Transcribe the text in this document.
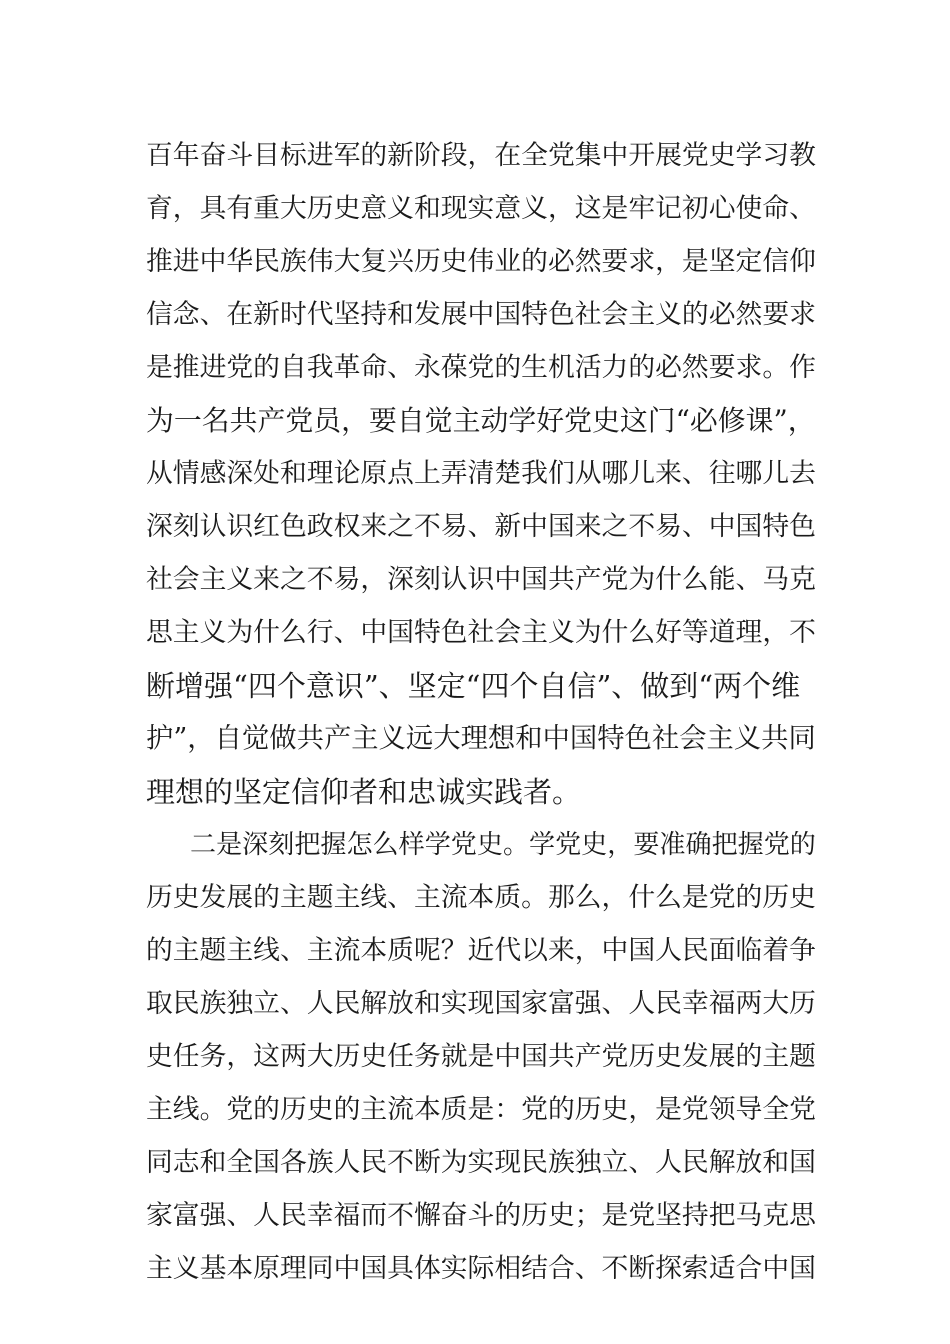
百年奋斗目标进军的新阶段，在全党集中开展党史学习教
育，具有重大历史意义和现实意义，这是牢记初心使命、
推进中华民族伟大复兴历史伟业的必然要求，是坚定信仰
信念、在新时代坚持和发展中国特色社会主义的必然要求
是推进党的自我革命、永葆党的生机活力的必然要求。作
为一名共产党员，要自觉主动学好党史这门“必修课”，
从情感深处和理论原点上弄清楚我们从哪儿来、往哪儿去
深刻认识红色政权来之不易、新中国来之不易、中国特色
社会主义来之不易，深刻认识中国共产党为什么能、马克
思主义为什么行、中国特色社会主义为什么好等道理，不
断增强“四个意识”、坚定“四个自信”、做到“两个维
护”，自觉做共产主义远大理想和中国特色社会主义共同
理想的坚定信仰者和忠诚实践者。
二是深刻把握怎么样学党史。学党史，要准确把握党的
历史发展的主题主线、主流本质。那么，什么是党的历史
的主题主线、主流本质呢？近代以来，中国人民面临着争
取民族独立、人民解放和实现国家富强、人民幸福两大历
史任务，这两大历史任务就是中国共产党历史发展的主题
主线。党的历史的主流本质是：党的历史，是党领导全党
同志和全国各族人民不断为实现民族独立、人民解放和国
家富强、人民幸福而不懈奋斗的历史；是党坚持把马克思
主义基本原理同中国具体实际相结合、不断探索适合中国
